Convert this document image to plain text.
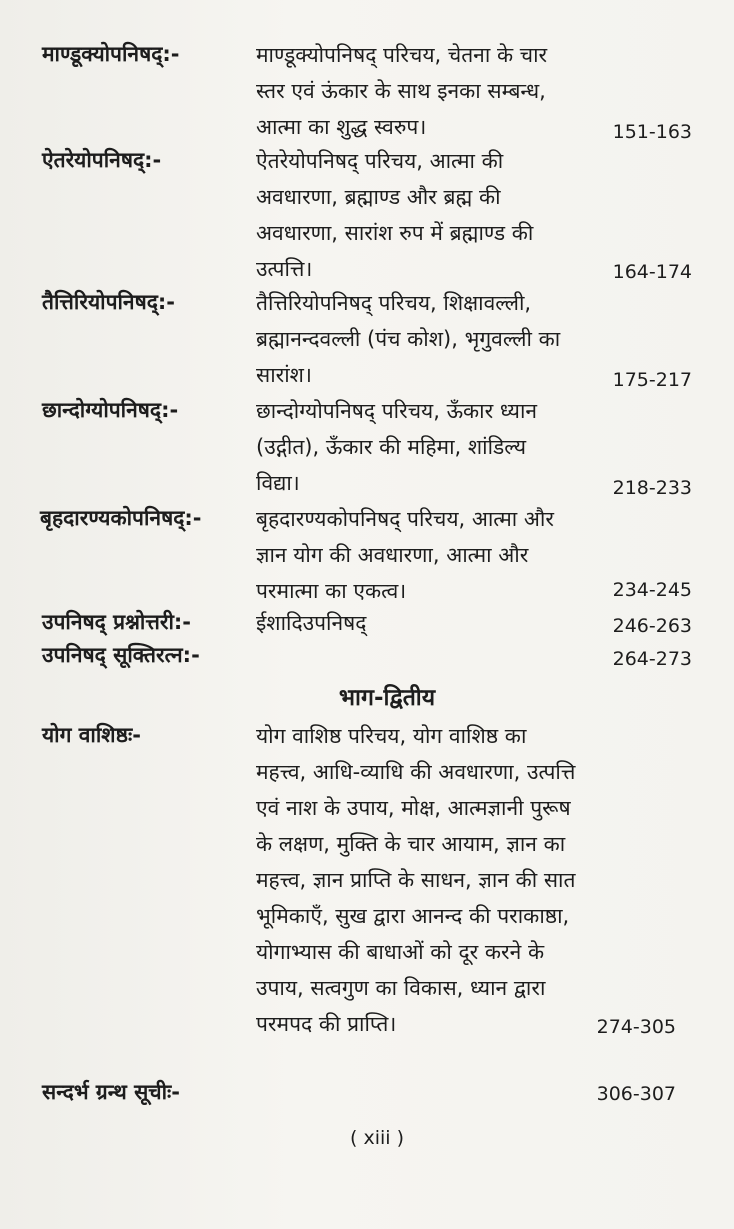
माण्डूक्योपनिषद्:-	माण्डूक्योपनिषद् परिचय, चेतना के चार
स्तर एवं ऊंकार के साथ इनका सम्बन्ध,
आत्मा का शुद्ध स्वरुप।	151-163
ऐतरेयोपनिषद्:-	ऐतरेयोपनिषद् परिचय, आत्मा की
अवधारणा, ब्रह्माण्ड और ब्रह्म की
अवधारणा, सारांश रुप में ब्रह्माण्ड की
उत्पत्ति।	164-174
तैत्तिरियोपनिषद्:-	तैत्तिरियोपनिषद् परिचय, शिक्षावल्ली,
ब्रह्मानन्दवल्ली (पंच कोश), भृगुवल्ली का
सारांश।	175-217
छान्दोग्योपनिषद्:-	छान्दोग्योपनिषद् परिचय, ऊँकार ध्यान
(उद्गीत), ऊँकार की महिमा, शांडिल्य
विद्या।	218-233
बृहदारण्यकोपनिषद्:-	बृहदारण्यकोपनिषद् परिचय, आत्मा और
ज्ञान योग की अवधारणा, आत्मा और
परमात्मा का एकत्व।	234-245
उपनिषद् प्रश्नोत्तरी:-	ईशादिउपनिषद्	246-263
उपनिषद् सूक्तिरत्न:-	264-273
भाग-द्वितीय
योग वाशिष्ठः-	योग वाशिष्ठ परिचय, योग वाशिष्ठ का
महत्त्व, आधि-व्याधि की अवधारणा, उत्पत्ति
एवं नाश के उपाय, मोक्ष, आत्मज्ञानी पुरूष
के लक्षण, मुक्ति के चार आयाम, ज्ञान का
महत्त्व, ज्ञान प्राप्ति के साधन, ज्ञान की सात
भूमिकाएँ, सुख द्वारा आनन्द की पराकाष्ठा,
योगाभ्यास की बाधाओं को दूर करने के
उपाय, सत्वगुण का विकास, ध्यान द्वारा
परमपद की प्राप्ति।	274-305
सन्दर्भ ग्रन्थ सूचीः-	306-307
( xiii )
